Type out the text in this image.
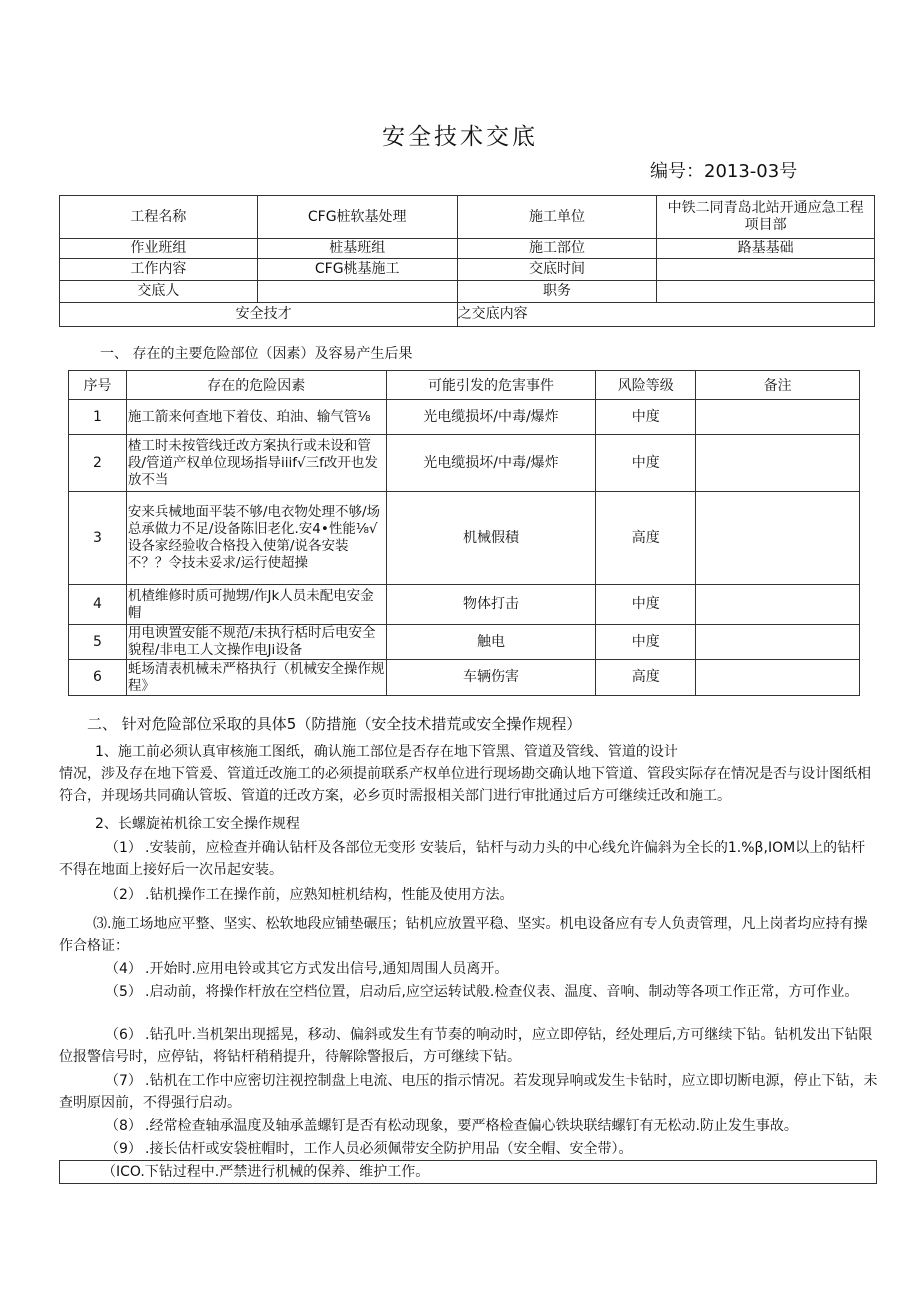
安全技术交底
编号：2013-03号
工程名称	CFG桩软基处理	施工单位	中铁二同青岛北站开通应急工程项目部
作业班组	桩基班组	施工部位	路基基础
工作内容	CFG桃基施工	交底时间	
交底人		职务	
安全技才		之交底内容	
一、 存在的主要危险部位（因素）及容易产生后果
序号	存在的危险因素	可能引发的危害事件	风险等级	备注
1	施工箭来何查地下着伎、珀油、输气管⅛	光电缆损坏/中毒/爆炸	中度	
2	楂工时未按管线迁改方案执行或未设和管段/管道产权单位现场指导iiif√三f改开也发放不当	光电缆损坏/中毒/爆炸	中度	
3	安来兵械地面平装不够/电衣物处理不够/场总承做力不足/设备陈旧老化.安4•性能⅛√设各家经验收合格投入使第/说各安装不？？令技未妥求/运行使超操	机械假積	高度	
4	机楂维修时质可抛甥/作Jk人员未配电安金帽	物体打击	中度	
5	用电谀置安能不规范/未执行栝时后电安全貌程/非电工人文操作电Ji设备	触电	中度	
6	蚝场清表机械未严格执行（机械安全操作规程》	车辆伤害	高度	
二、 针对危险部位采取的具体5（防措施（安全技术措荒或安全操作规程）
1、施工前必须认真审核施工图纸，确认施工部位是否存在地下管黑、管道及管线、管道的设计
情况，涉及存在地下管爰、管道迁改施工的必须提前联系产权单位进行现场勘交确认地下管道、管段实际存在情况是否与设计图纸相符合，并现场共同确认管坂、管道的迁改方案，必乡页时需报相关部门进行审批通过后方可继续迁改和施工。
2、长螺旋祐机徐工安全操作规程
（1） .安装前，应检查并确认钻杆及各部位无变形 安装后，钻杆与动力头的中心线允许偏斜为全长的1.%β,IOM以上的钻杆不得在地面上接好后一次吊起安装。
（2） .钻机操作工在操作前，应熟知桩机结构，性能及使用方法。
⑶.施工场地应平整、坚实、松软地段应铺垫碾压；钻机应放置平稳、坚实。机电设备应有专人负责管理，凡上岗者均应持有操作合格证：
（4） .开始时.应用电铃或其它方式发出信号,通知周围人员离开。
（5） .启动前，将操作杆放在空档位置，启动后,应空运转试般.检查仪表、温度、音响、制动等各项工作正常，方可作业。
（6） .钻孔叶.当机架出现摇晃，移动、偏斜或发生有节奏的响动时，应立即停钻，经处理后,方可继续下钻。钻机发出下钻限位报警信号时，应停钻，将钻杆稍稍提升，待解除警报后，方可继续下钻。
（7） .钻机在工作中应密切注视控制盘上电流、电压的指示情况。若发现异响或发生卡钻时，应立即切断电源，停止下钻，未查明原因前，不得强行启动。
（8） .经常检查轴承温度及轴承盖螺钉是否有松动现象，要严格检查偏心铁块联结螺钉有无松动.防止发生事故。
（9） .接长估杆或安袋桩帽时，工作人员必须佩带安全防护用品（安全帽、安全带）。
（ICO.下钻过程中.严禁进行机械的保养、维护工作。
